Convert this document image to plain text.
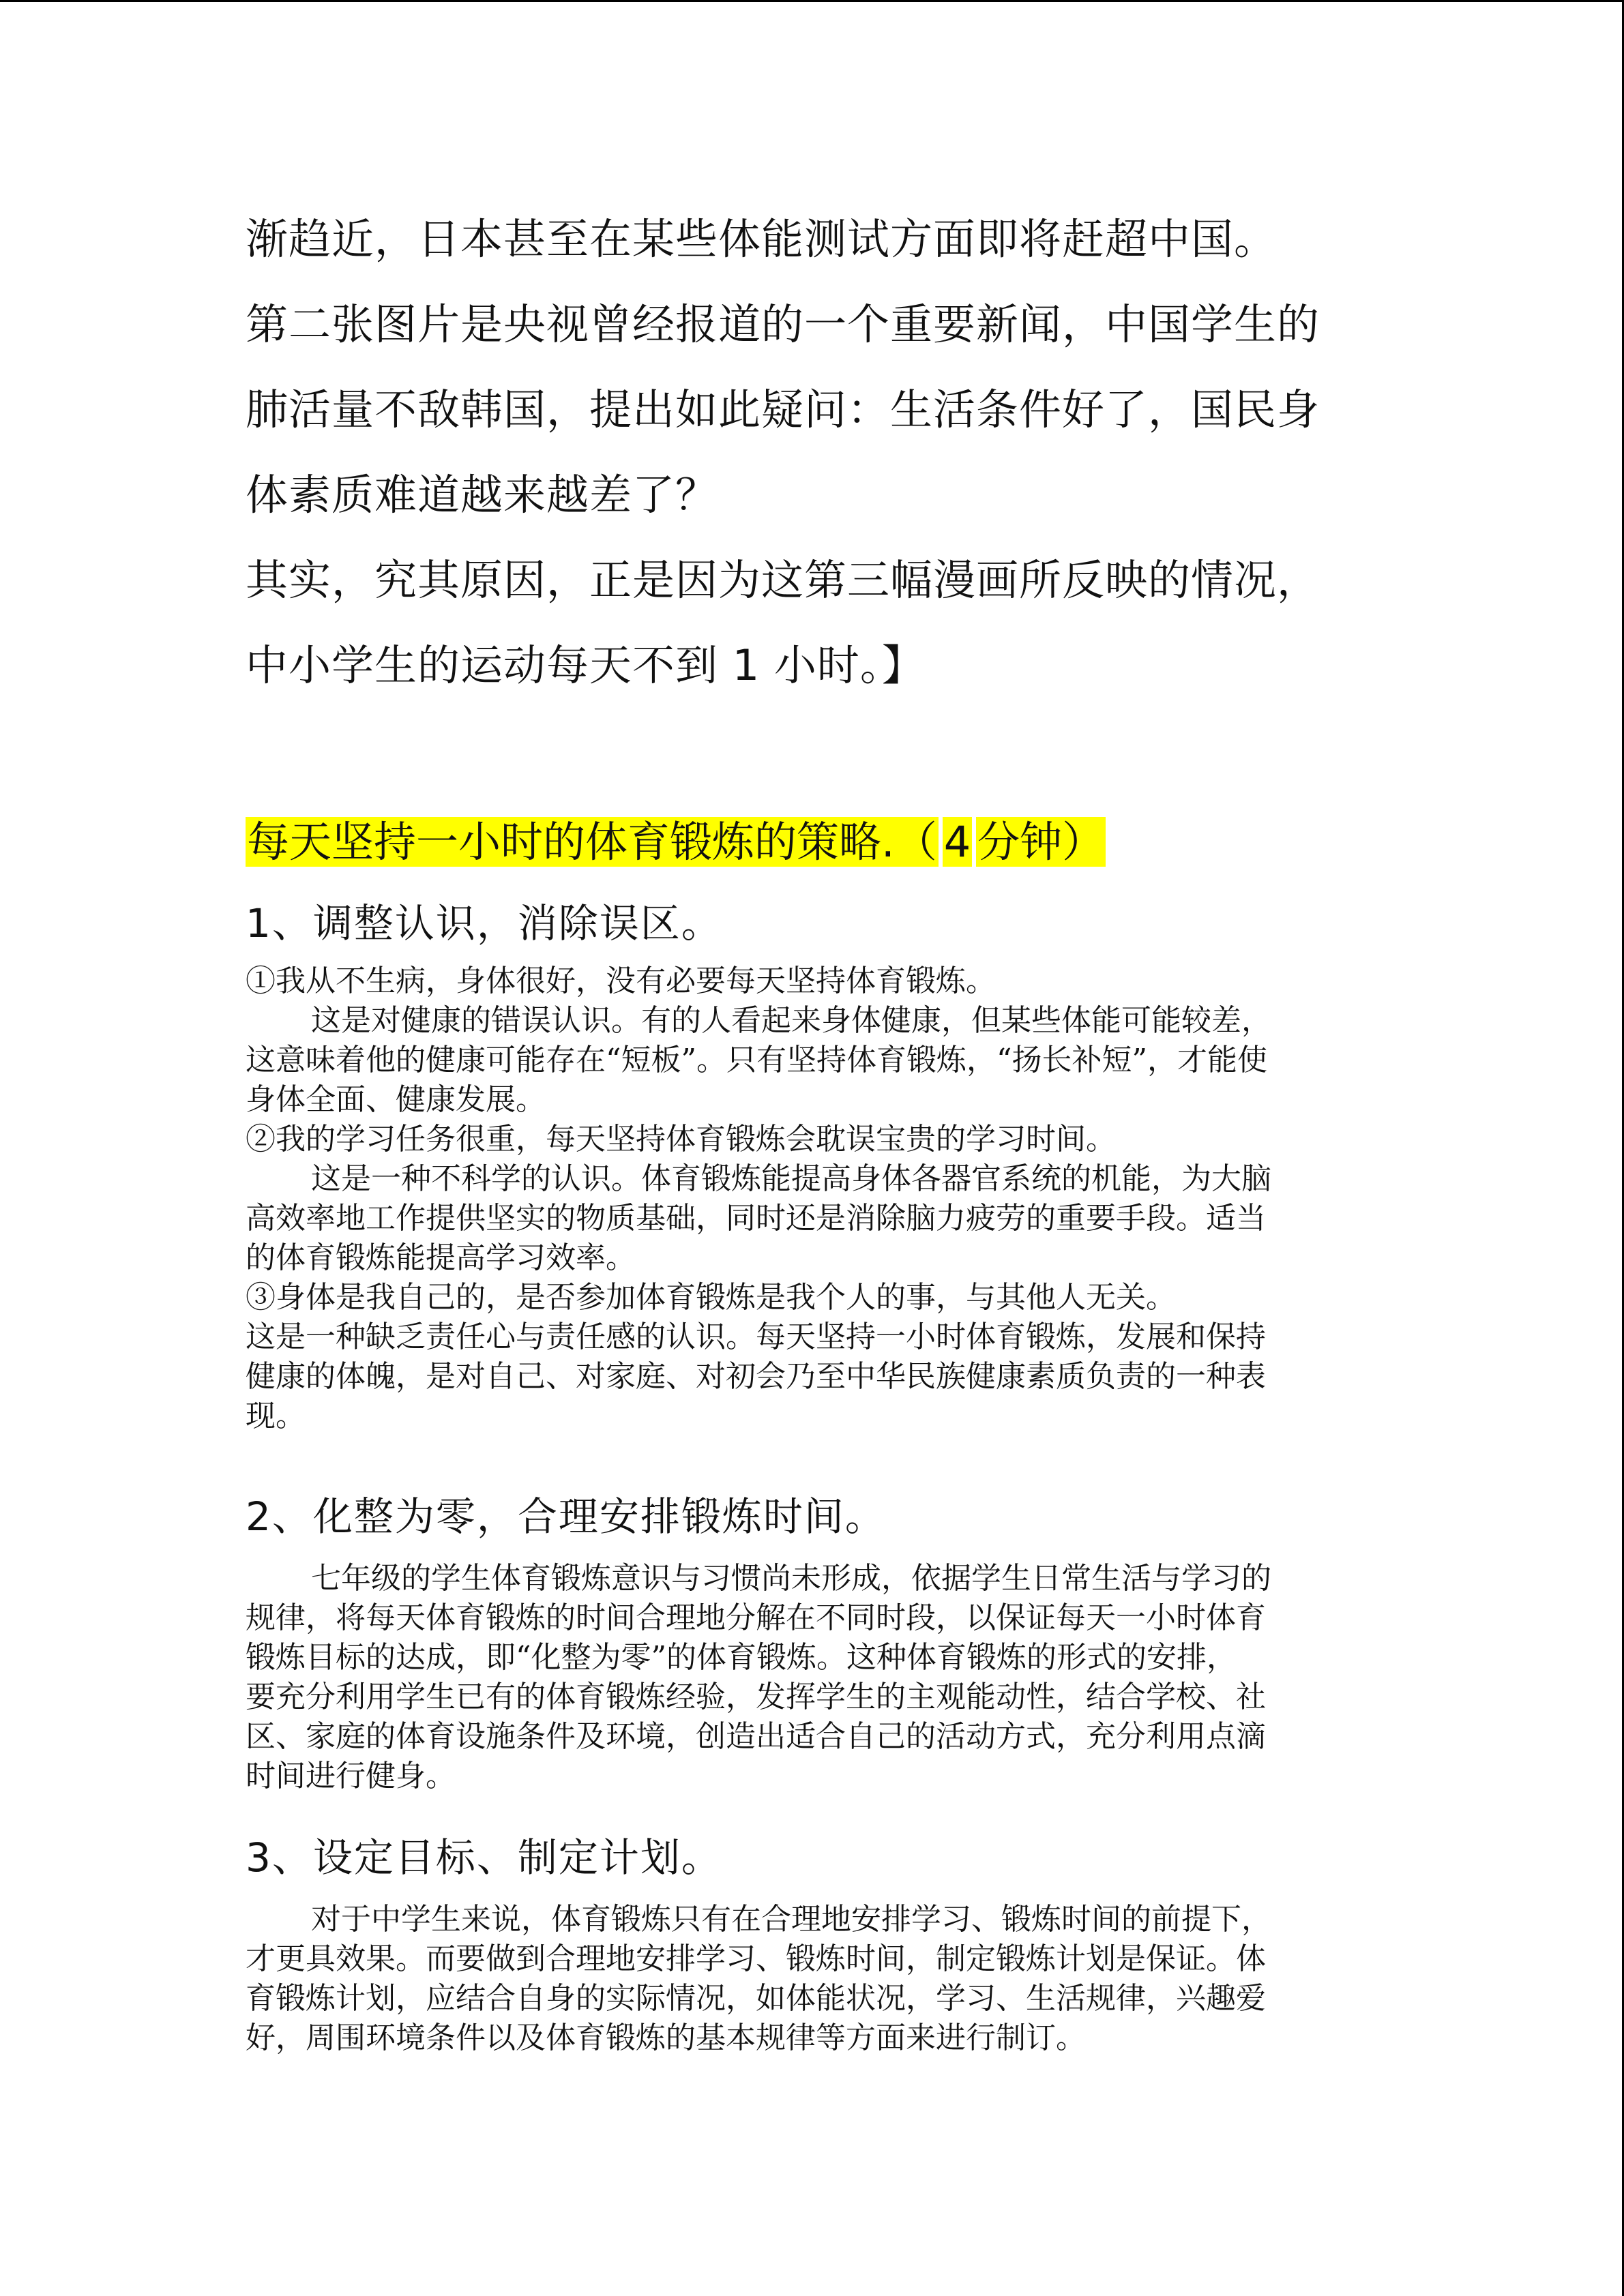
渐趋近，日本甚至在某些体能测试方面即将赶超中国。
第二张图片是央视曾经报道的一个重要新闻，中国学生的
肺活量不敌韩国，提出如此疑问：生活条件好了，国民身
体素质难道越来越差了？
其实，究其原因，正是因为这第三幅漫画所反映的情况，
中小学生的运动每天不到 1 小时。】
每天坚持一小时的体育锻炼的策略.（ 4 分钟）
1、调整认识，消除误区。
①我从不生病，身体很好，没有必要每天坚持体育锻炼。
这是对健康的错误认识。有的人看起来身体健康，但某些体能可能较差，
这意味着他的健康可能存在“短板”。只有坚持体育锻炼，“扬长补短”，才能使
身体全面、健康发展。
②我的学习任务很重，每天坚持体育锻炼会耽误宝贵的学习时间。
这是一种不科学的认识。体育锻炼能提高身体各器官系统的机能，为大脑
高效率地工作提供坚实的物质基础，同时还是消除脑力疲劳的重要手段。适当
的体育锻炼能提高学习效率。
③身体是我自己的，是否参加体育锻炼是我个人的事，与其他人无关。
这是一种缺乏责任心与责任感的认识。每天坚持一小时体育锻炼，发展和保持
健康的体魄，是对自己、对家庭、对初会乃至中华民族健康素质负责的一种表
现。
2、化整为零，合理安排锻炼时间。
七年级的学生体育锻炼意识与习惯尚未形成，依据学生日常生活与学习的
规律，将每天体育锻炼的时间合理地分解在不同时段，以保证每天一小时体育
锻炼目标的达成，即“化整为零”的体育锻炼。这种体育锻炼的形式的安排，
要充分利用学生已有的体育锻炼经验，发挥学生的主观能动性，结合学校、社
区、家庭的体育设施条件及环境，创造出适合自己的活动方式，充分利用点滴
时间进行健身。
3、设定目标、制定计划。
对于中学生来说，体育锻炼只有在合理地安排学习、锻炼时间的前提下，
才更具效果。而要做到合理地安排学习、锻炼时间，制定锻炼计划是保证。体
育锻炼计划，应结合自身的实际情况，如体能状况，学习、生活规律，兴趣爱
好，周围环境条件以及体育锻炼的基本规律等方面来进行制订。
